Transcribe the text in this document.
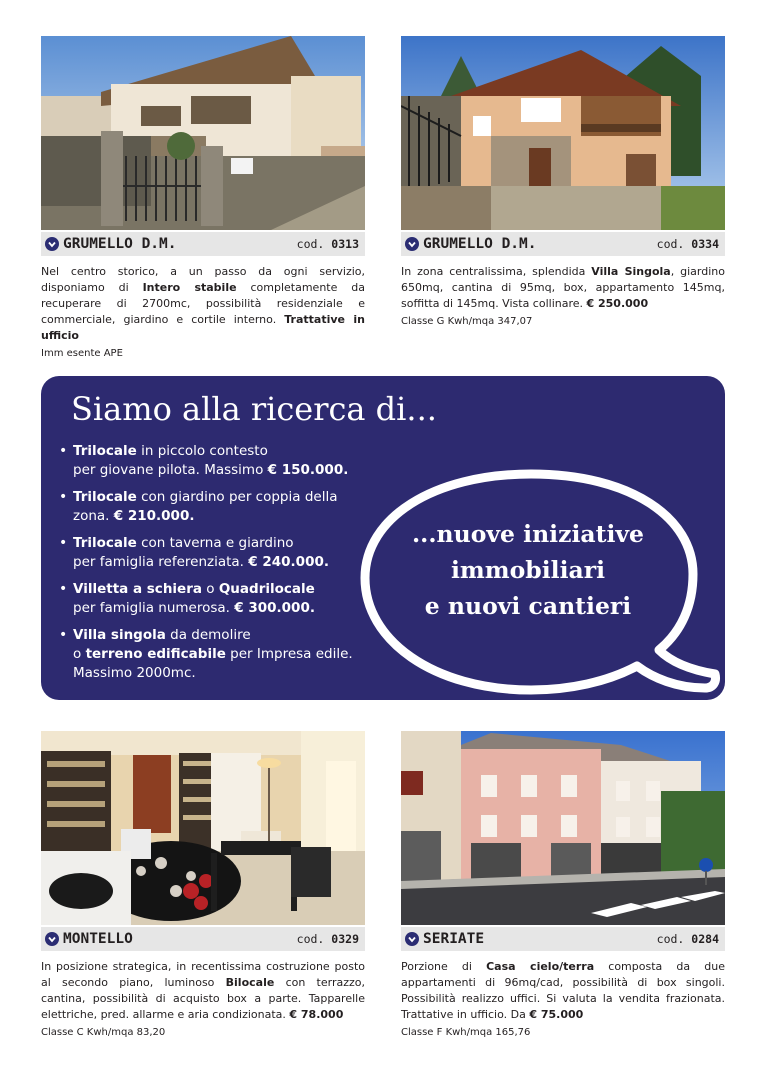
GRUMELLO D.M.	cod. 0313

Nel centro storico, a un passo da ogni servizio, disponiamo di Intero stabile completamente da recuperare di 2700mc, possibilità residenziale e commerciale, giardino e cortile interno. Trattative in ufficio

Imm esente APE

GRUMELLO D.M.	cod. 0334

In zona centralissima, splendida Villa Singola, giardino 650mq, cantina di 95mq, box, appartamento 145mq, soffitta di 145mq. Vista collinare. € 250.000

Classe G Kwh/mqa 347,07

Siamo alla ricerca di...
• Trilocale in piccolo contesto
per giovane pilota. Massimo € 150.000.
• Trilocale con giardino per coppia della
zona. € 210.000.
• Trilocale con taverna e giardino
per famiglia referenziata. € 240.000.
• Villetta a schiera o Quadrilocale
per famiglia numerosa. € 300.000.
• Villa singola da demolire
o terreno edificabile per Impresa edile.
Massimo 2000mc.

...nuove iniziative
immobiliari
e nuovi cantieri

MONTELLO	cod. 0329

In posizione strategica, in recentissima costruzione posto al secondo piano, luminoso Bilocale con terrazzo, cantina, possibilità di acquisto box a parte. Tapparelle elettriche, pred. allarme e aria condizionata. € 78.000

Classe C Kwh/mqa 83,20

SERIATE	cod. 0284

Porzione di Casa cielo/terra composta da due appartamenti di 96mq/cad, possibilità di box singoli. Possibilità realizzo uffici. Si valuta la vendita frazionata. Trattative in ufficio. Da € 75.000

Classe F Kwh/mqa 165,76
